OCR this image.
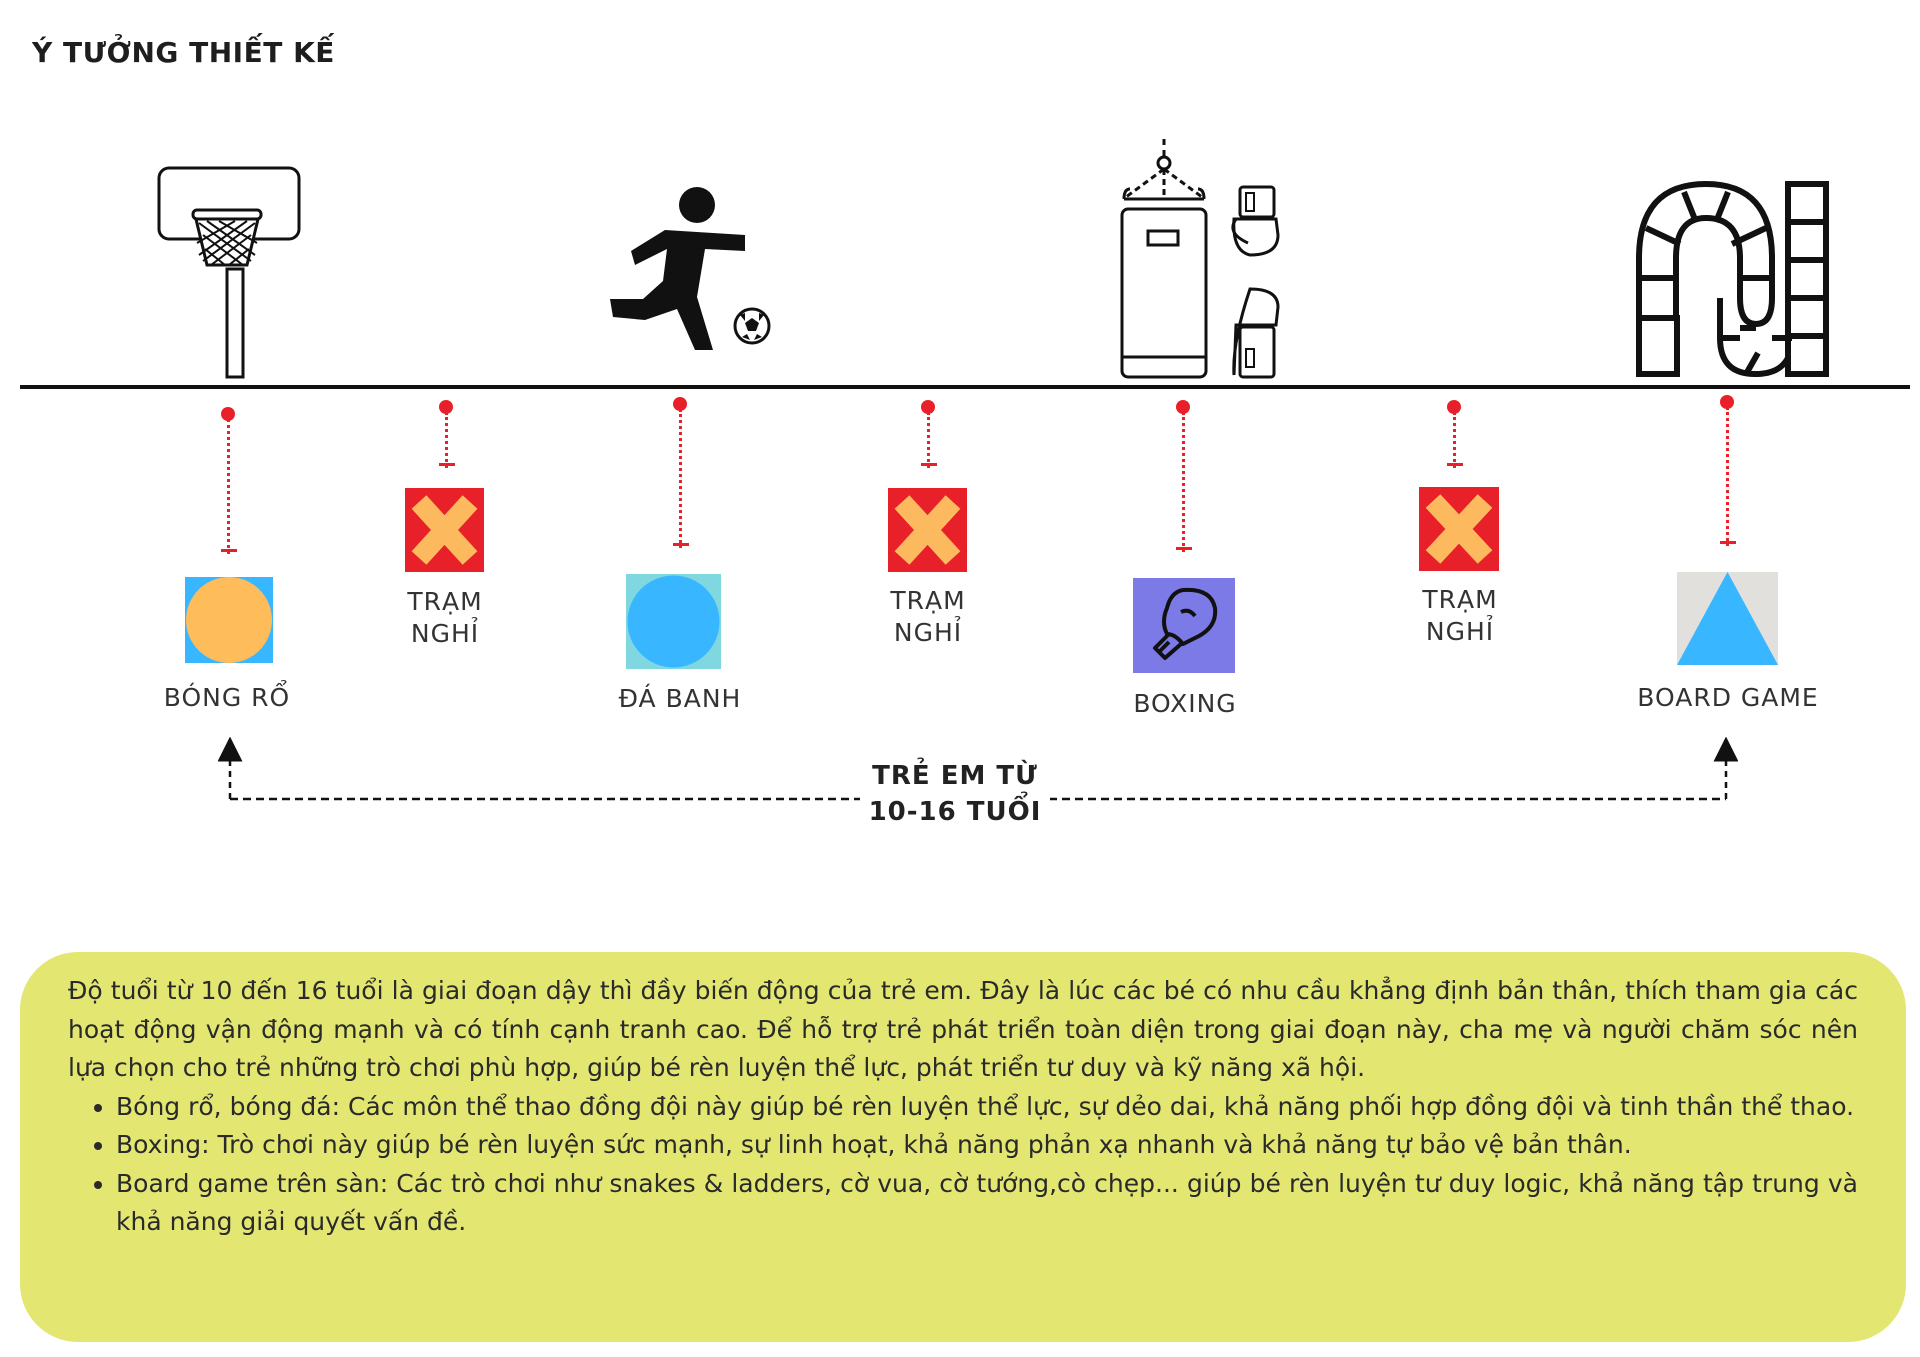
Ý TƯỞNG THIẾT KẾ
BÓNG RỔ
TRẠM
NGHỈ
ĐÁ BANH
TRẠM
NGHỈ
BOXING
TRẠM
NGHỈ
BOARD GAME
TRẺ EM TỪ
10-16 TUỔI

Độ tuổi từ 10 đến 16 tuổi là giai đoạn dậy thì đầy biến động của trẻ em. Đây là lúc các bé có nhu cầu khẳng định bản thân, thích tham gia các hoạt động vận động mạnh và có tính cạnh tranh cao. Để hỗ trợ trẻ phát triển toàn diện trong giai đoạn này, cha mẹ và người chăm sóc nên lựa chọn cho trẻ những trò chơi phù hợp, giúp bé rèn luyện thể lực, phát triển tư duy và kỹ năng xã hội.

• Bóng rổ, bóng đá: Các môn thể thao đồng đội này giúp bé rèn luyện thể lực, sự dẻo dai, khả năng phối hợp đồng đội và tinh thần thể thao.
• Boxing: Trò chơi này giúp bé rèn luyện sức mạnh, sự linh hoạt, khả năng phản xạ nhanh và khả năng tự bảo vệ bản thân.
• Board game trên sàn: Các trò chơi như snakes & ladders, cờ vua, cờ tướng,cò chẹp... giúp bé rèn luyện tư duy logic, khả năng tập trung và khả năng giải quyết vấn đề.
